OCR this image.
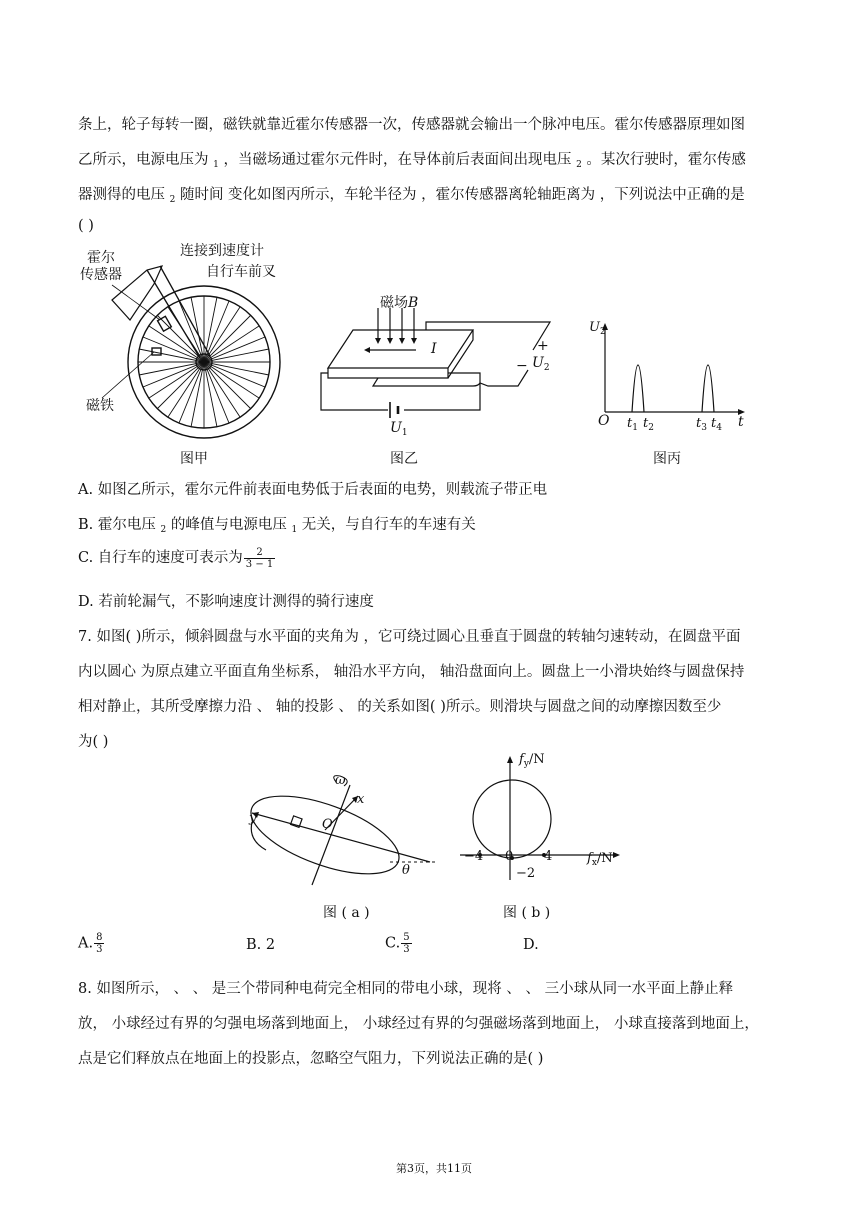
条上，轮子每转一圈，磁铁就靠近霍尔传感器一次，传感器就会输出一个脉冲电压。霍尔传感器原理如图
乙所示，电源电压为 $_1$ ，当磁场通过霍尔元件时，在导体前后表面间出现电压 $_2$ 。某次行驶时，霍尔传感
器测得的电压 $_2$ 随时间 变化如图丙所示，车轮半径为 ，霍尔传感器离轮轴距离为 ，下列说法中正确的是
( )
霍尔
传感器
连接到速度计
自行车前叉
磁铁
图甲
磁场B
I	+
− $U_2$
$U_1$
图乙
$U_2$
O	t
$t_1$ $t_2$	$t_3$ $t_4$
图丙
A. 如图乙所示，霍尔元件前表面电势低于后表面的电势，则载流子带正电
B. 霍尔电压 $_2$ 的峰值与电源电压 $_1$ 无关，与自行车的车速有关
C. 自行车的速度可表示为 $\frac{2}{3 - 1}$
D. 若前轮漏气，不影响速度计测得的骑行速度
7. 如图( )所示，倾斜圆盘与水平面的夹角为 ，它可绕过圆心且垂直于圆盘的转轴匀速转动，在圆盘平面
内以圆心 为原点建立平面直角坐标系， 轴沿水平方向， 轴沿盘面向上。圆盘上一小滑块始终与圆盘保持
相对静止，其所受摩擦力沿 、 轴的投影 、 的关系如图( )所示。则滑块与圆盘之间的动摩擦因数至少
为( )
ω
x
y	O
θ
图 ( a )
$f_y/N$
$f_x/N$
−4 0 4
−2
图 ( b )
A. $\frac{8}{3}$	B. 2	C. $\frac{5}{3}$	D.
8. 如图所示， 、 、 是三个带同种电荷完全相同的带电小球，现将 、 、 三小球从同一水平面上静止释
放， 小球经过有界的匀强电场落到地面上， 小球经过有界的匀强磁场落到地面上， 小球直接落到地面上，
点是它们释放点在地面上的投影点，忽略空气阻力，下列说法正确的是( )
第3页，共11页
